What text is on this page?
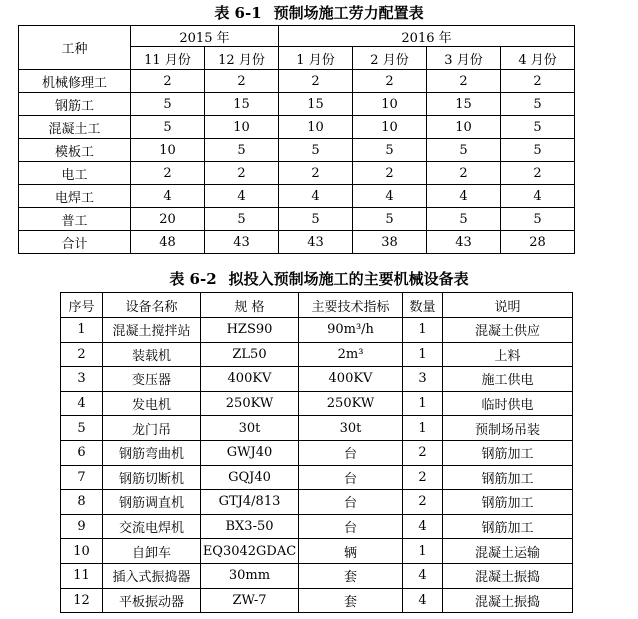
表 6-1 预制场施工劳力配置表
工种	2015 年		2016 年			
	11 月份	12 月份	1 月份	2 月份	3 月份	4 月份
机械修理工	2	2	2	2	2	2
钢筋工	5	15	15	10	15	5
混凝土工	5	10	10	10	10	5
模板工	10	5	5	5	5	5
电工	2	2	2	2	2	2
电焊工	4	4	4	4	4	4
普工	20	5	5	5	5	5
合计	48	43	43	38	43	28
表 6-2 拟投入预制场施工的主要机械设备表
序号	设备名称	规 格	主要技术指标	数量	说明
1	混凝土搅拌站	HZS90	90m³/h	1	混凝土供应
2	装载机	ZL50	2m³	1	上料
3	变压器	400KV	400KV	3	施工供电
4	发电机	250KW	250KW	1	临时供电
5	龙门吊	30t	30t	1	预制场吊装
6	钢筋弯曲机	GWJ40	台	2	钢筋加工
7	钢筋切断机	GQJ40	台	2	钢筋加工
8	钢筋调直机	GTJ4/813	台	2	钢筋加工
9	交流电焊机	BX3-50	台	4	钢筋加工
10	自卸车	EQ3042GDAC	辆	1	混凝土运输
11	插入式振捣器	30mm	套	4	混凝土振捣
12	平板振动器	ZW-7	套	4	混凝土振捣
